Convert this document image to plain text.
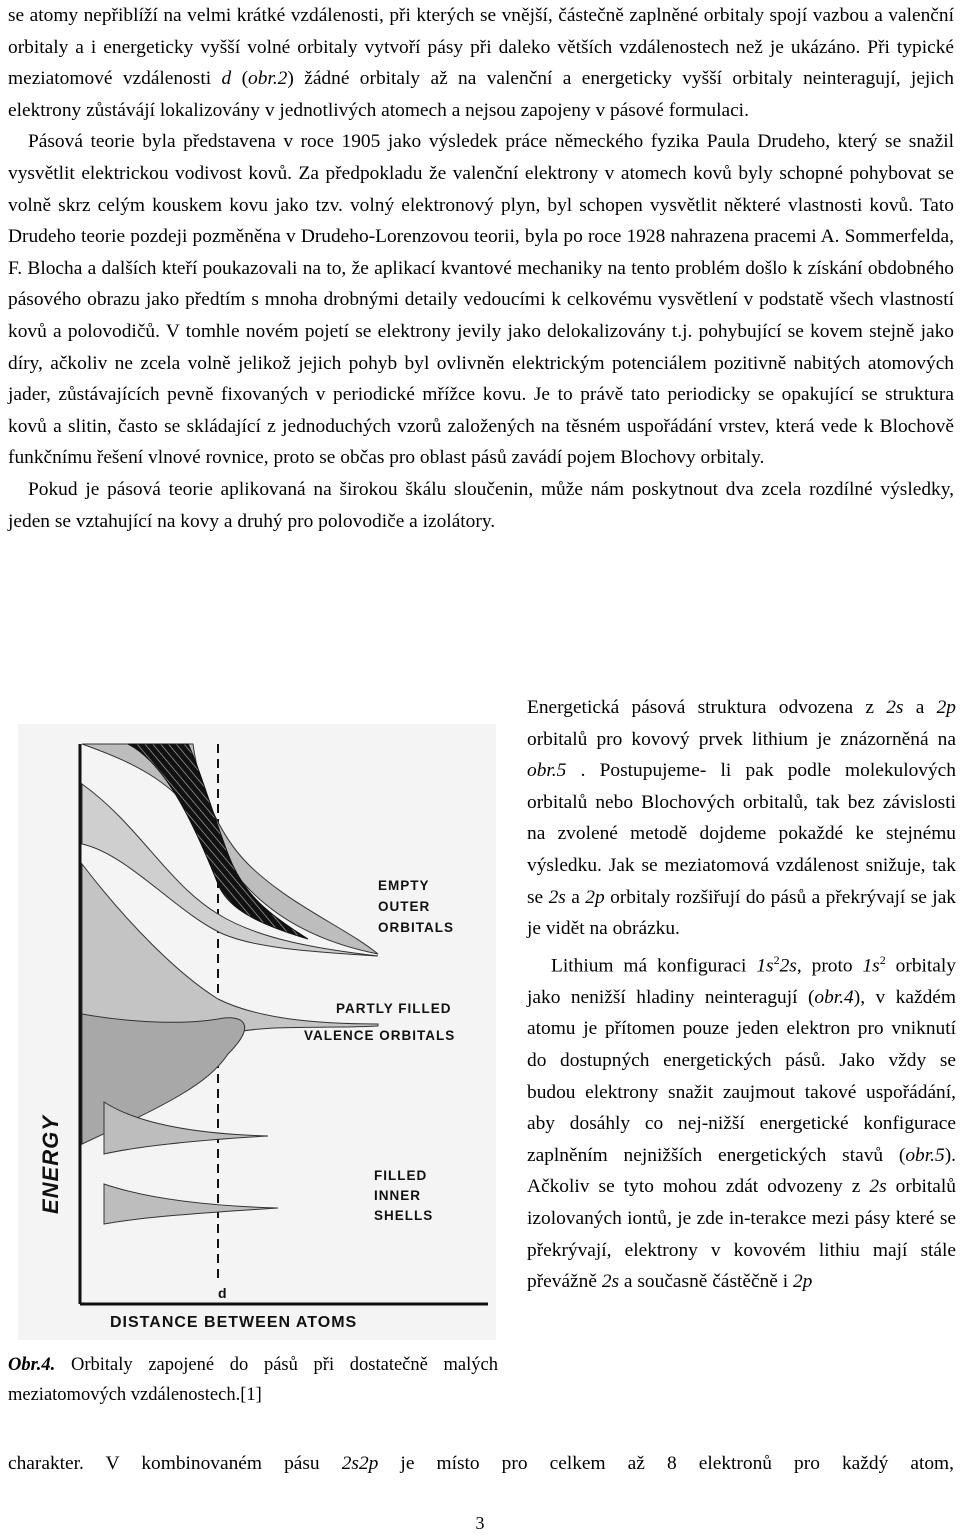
se atomy nepřiblíží na velmi krátké vzdálenosti, při kterých se vnější, částečně zaplněné orbitaly spojí vazbou a valenční orbitaly a i energeticky vyšší volné orbitaly vytvoří pásy při daleko větších vzdálenostech než je ukázáno. Při typické meziatomové vzdálenosti d (obr.2) žádné orbitaly až na valenční a energeticky vyšší orbitaly neinteragují, jejich elektrony zůstávájí lokalizovány v jednotlivých atomech a nejsou zapojeny v pásové formulaci.

Pásová teorie byla představena v roce 1905 jako výsledek práce německého fyzika Paula Drudeho, který se snažil vysvětlit elektrickou vodivost kovů. Za předpokladu že valenční elektrony v atomech kovů byly schopné pohybovat se volně skrz celým kouskem kovu jako tzv. volný elektronový plyn, byl schopen vysvětlit některé vlastnosti kovů. Tato Drudeho teorie pozdeji pozměněna v Drudeho-Lorenzovou teorii, byla po roce 1928 nahrazena pracemi A. Sommerfelda, F. Blocha a dalších kteří poukazovali na to, že aplikací kvantové mechaniky na tento problém došlo k získání obdobného pásového obrazu jako předtím s mnoha drobnými detaily vedoucími k celkovému vysvětlení v podstatě všech vlastností kovů a polovodičů. V tomhle novém pojetí se elektrony jevily jako delokalizovány t.j. pohybující se kovem stejně jako díry, ačkoliv ne zcela volně jelikož jejich pohyb byl ovlivněn elektrickým potenciálem pozitivně nabitých atomových jader, zůstávajících pevně fixovaných v periodické mřížce kovu. Je to právě tato periodicky se opakující se struktura kovů a slitin, často se skládající z jednoduchých vzorů založených na těsném uspořádání vrstev, která vede k Blochově funkčnímu řešení vlnové rovnice, proto se občas pro oblast pásů zavádí pojem Blochovy orbitaly.

Pokud je pásová teorie aplikovaná na širokou škálu sloučenin, může nám poskytnout dva zcela rozdílné výsledky, jeden se vztahující na kovy a druhý pro polovodiče a izolátory.

Energetická pásová struktura odvozena z 2s a 2p orbitalů pro kovový prvek lithium je znázorněná na obr.5 . Postupujeme- li pak podle molekulových orbitalů nebo Blochových orbitalů, tak bez závislosti na zvolené metodě dojdeme pokaždé ke stejnému výsledku. Jak se meziatomová vzdálenost snižuje, tak se 2s a 2p orbitaly rozšiřují do pásů a překrývají se jak je vidět na obrázku.

Lithium má konfiguraci $1s^22s$, proto $1s^2$ orbitaly jako nenižší hladiny neinteragují (obr.4), v každém atomu je přítomen pouze jeden elektron pro vniknutí do dostupných energetických pásů. Jako vždy se budou elektrony snažit zaujmout takové uspořádání, aby dosáhly co nej-nižší energetické konfigurace zaplněním nejnižších energetických stavů (obr.5). Ačkoliv se tyto mohou zdát odvozeny z 2s orbitalů izolovaných iontů, je zde in-terakce mezi pásy které se překrývají, elektrony v kovovém lithiu mají stále převážně 2s a současně částěčně i 2p

EMPTY
OUTER
ORBITALS
PARTLY FILLED
VALENCE ORBITALS
FILLED
INNER
SHELLS
ENERGY
d
DISTANCE BETWEEN ATOMS
Obr.4. Orbitaly zapojené do pásů při dostatečně malých meziatomových vzdálenostech.[1]
charakter. V kombinovaném pásu 2s2p je místo pro celkem až 8 elektronů pro každý atom,
3
